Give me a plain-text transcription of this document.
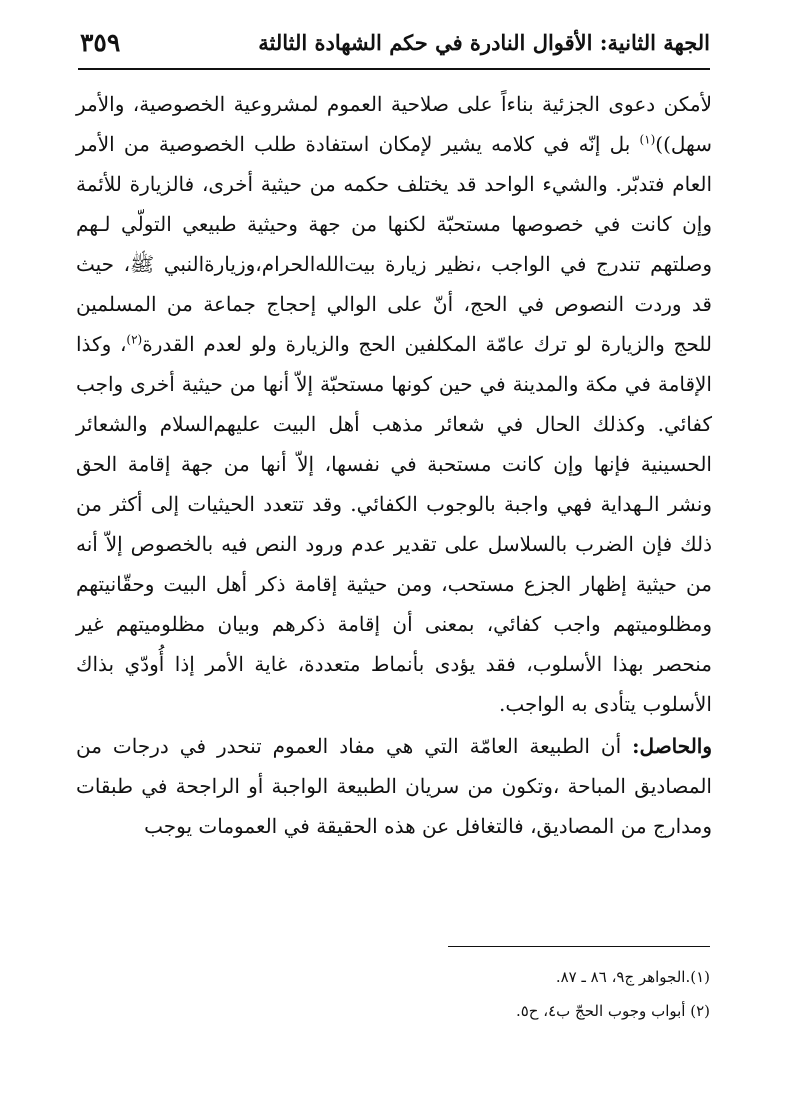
الجهة الثانية: الأقوال النادرة في حكم الشهادة الثالثة
٣٥٩

لأمكن دعوى الجزئية بناءاً على صلاحية العموم لمشروعية الخصوصية، والأمر سهل))$^{(١)}$ بل إنّه في كلامه يشير لإمكان استفادة طلب الخصوصية من الأمر العام فتدبّر. والشيء الواحد قد يختلف حكمه من حيثية أخرى، فالزيارة للأئمة وإن كانت في خصوصها مستحبّة لكنها من جهة وحيثية طبيعي التولّي لـهم وصلتهم تندرج في الواجب ،نظير زيارة بيت‌الله‌الحرام،وزيارةالنبي ﷺ، حيث قد وردت النصوص في الحج، أنّ على الوالي إحجاج جماعة من المسلمين للحج والزيارة لو ترك عامّة المكلفين الحج والزيارة ولو لعدم القدرة$^{(٢)}$، وكذا الإقامة في مكة والمدينة في حين كونها مستحبّة إلاّ أنها من حيثية أخرى واجب كفائي. وكذلك الحال في شعائر مذهب أهل البيت عليهم‌السلام والشعائر الحسينية فإنها وإن كانت مستحبة في نفسها، إلاّ أنها من جهة إقامة الحق ونشر الـهداية فهي واجبة بالوجوب الكفائي. وقد تتعدد الحيثيات إلى أكثر من ذلك فإن الضرب بالسلاسل على تقدير عدم ورود النص فيه بالخصوص إلاّ أنه من حيثية إظهار الجزع مستحب، ومن حيثية إقامة ذكر أهل البيت وحقّانيتهم ومظلوميتهم واجب كفائي، بمعنى أن إقامة ذكرهم وبيان مظلوميتهم غير منحصر بهذا الأسلوب، فقد يؤدى بأنماط متعددة، غاية الأمر إذا أُودّي بذاك الأسلوب يتأدى به الواجب.

والحاصل: أن الطبيعة العامّة التي هي مفاد العموم تنحدر في درجات من المصاديق المباحة ،وتكون من سريان الطبيعة الواجبة أو الراجحة في طبقات ومدارج من المصاديق، فالتغافل عن هذه الحقيقة في العمومات يوجب

(١).الجواهر ج٩، ٨٦ ـ ٨٧.
(٢) أبواب وجوب الحجّ ب٤، ح٥.
